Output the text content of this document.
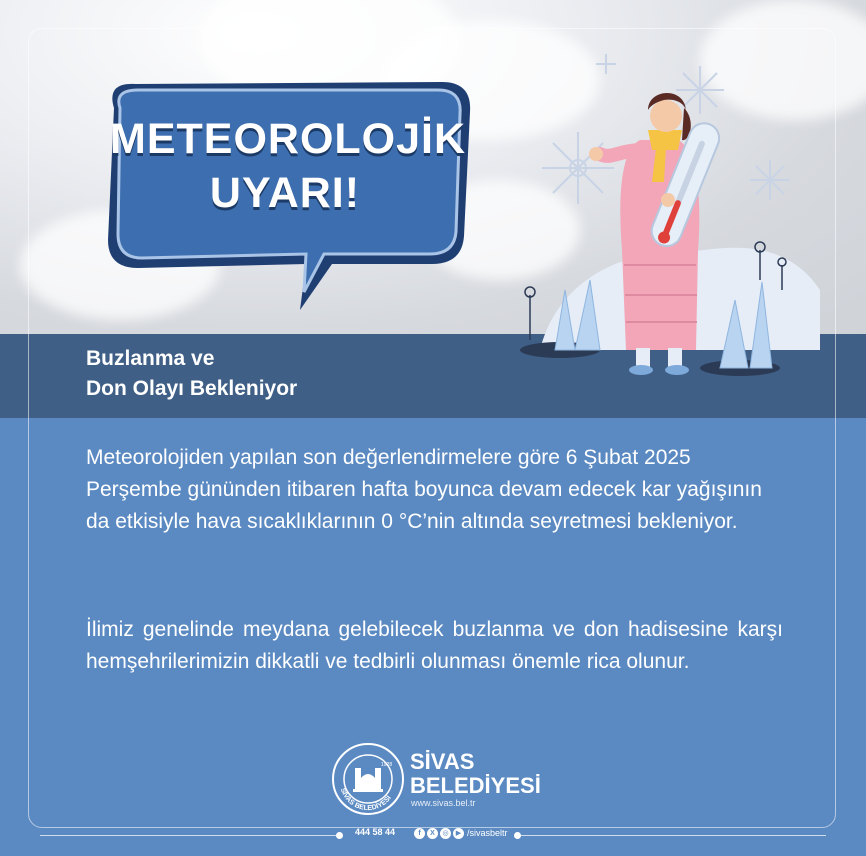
METEOROLOJİK
UYARI!
Buzlanma ve
Don Olayı Bekleniyor

Meteorolojiden yapılan son değerlendirmelere göre 6 Şubat 2025 Perşembe gününden itibaren hafta boyunca devam edecek kar yağışının da etkisiyle hava sıcaklıklarının 0 °C’nin altında seyretmesi bekleniyor.

İlimiz genelinde meydana gelebilecek buzlanma ve don hadisesine karşı hemşehrilerimizin dikkatli ve tedbirli olunması önemle rica olunur.

1928
SİVAS BELEDİYESİ
SİVAS
BELEDİYESİ

www.sivas.bel.tr

444 58 44	f	X	◎	▶ /sivasbeltr
